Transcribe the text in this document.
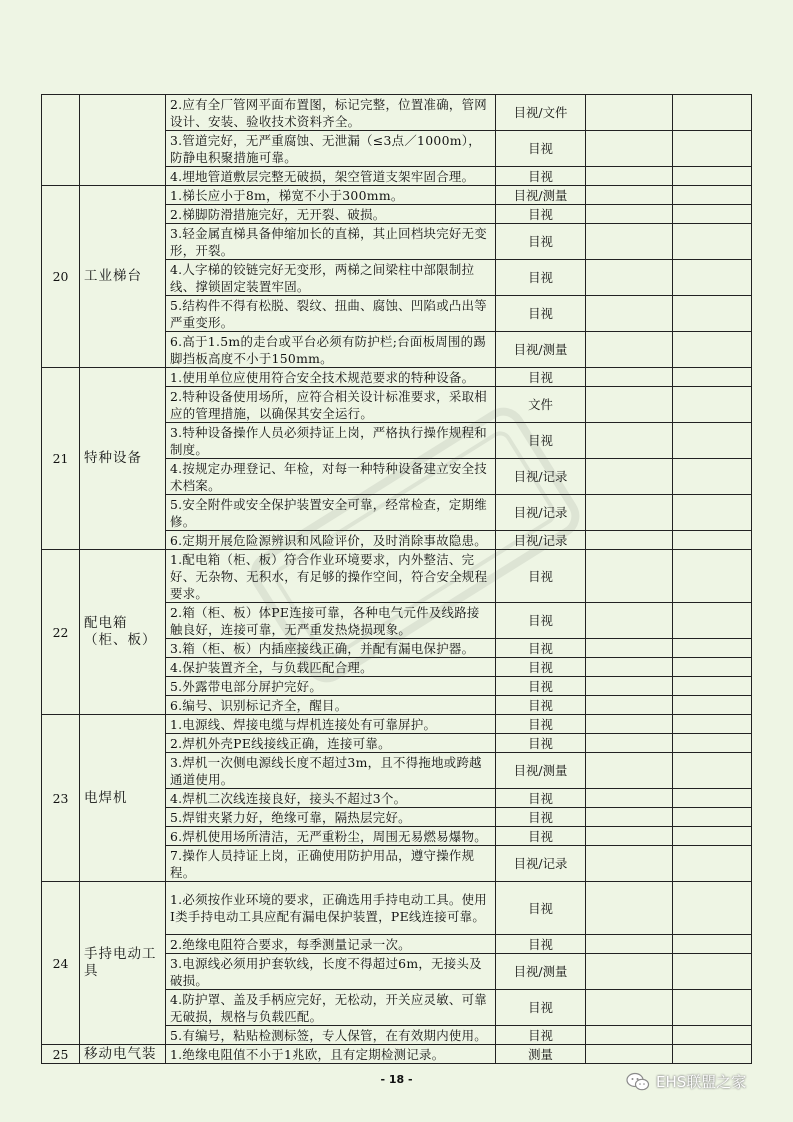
		2.应有全厂管网平面布置图，标记完整，位置准确，管网设计、安装、验收技术资料齐全。	目视/文件		
		3.管道完好，无严重腐蚀、无泄漏（≤3点／1000m），防静电积聚措施可靠。	目视		
		4.埋地管道敷层完整无破损，架空管道支架牢固合理。	目视		
20	工业梯台	1.梯长应小于8m，梯宽不小于300mm。	目视/测量		
		2.梯脚防滑措施完好，无开裂、破损。	目视		
		3.轻金属直梯具备伸缩加长的直梯，其止回档块完好无变形，开裂。	目视		
		4.人字梯的铰链完好无变形，两梯之间梁柱中部限制拉线、撑锁固定装置牢固。	目视		
		5.结构件不得有松脱、裂纹、扭曲、腐蚀、凹陷或凸出等严重变形。	目视		
		6.高于1.5m的走台或平台必须有防护栏;台面板周围的踢脚挡板高度不小于150mm。	目视/测量		
21	特种设备	1.使用单位应使用符合安全技术规范要求的特种设备。	目视		
		2.特种设备使用场所，应符合相关设计标准要求，采取相应的管理措施，以确保其安全运行。	文件		
		3.特种设备操作人员必须持证上岗，严格执行操作规程和制度。	目视		
		4.按规定办理登记、年检，对每一种特种设备建立安全技术档案。	目视/记录		
		5.安全附件或安全保护装置安全可靠，经常检查，定期维修。	目视/记录		
		6.定期开展危险源辨识和风险评价，及时消除事故隐患。	目视/记录		
22	配电箱（柜、板）	1.配电箱（柜、板）符合作业环境要求，内外整洁、完好、无杂物、无积水，有足够的操作空间，符合安全规程要求。	目视		
		2.箱（柜、板）体PE连接可靠，各种电气元件及线路接触良好，连接可靠，无严重发热烧损现象。	目视		
		3.箱（柜、板）内插座接线正确，并配有漏电保护器。	目视		
		4.保护装置齐全，与负载匹配合理。	目视		
		5.外露带电部分屏护完好。	目视		
		6.编号、识别标记齐全，醒目。	目视		
23	电焊机	1.电源线、焊接电缆与焊机连接处有可靠屏护。	目视		
		2.焊机外壳PE线接线正确，连接可靠。	目视		
		3.焊机一次侧电源线长度不超过3m，且不得拖地或跨越通道使用。	目视/测量		
		4.焊机二次线连接良好，接头不超过3个。	目视		
		5.焊钳夹紧力好，绝缘可靠，隔热层完好。	目视		
		6.焊机使用场所清洁，无严重粉尘，周围无易燃易爆物。	目视		
		7.操作人员持证上岗，正确使用防护用品，遵守操作规程。	目视/记录		
24	手持电动工具	1.必须按作业环境的要求，正确选用手持电动工具。使用Ⅰ类手持电动工具应配有漏电保护装置，PE线连接可靠。	目视		
		2.绝缘电阻符合要求，每季测量记录一次。	目视		
		3.电源线必须用护套软线，长度不得超过6m，无接头及破损。	目视/测量		
		4.防护罩、盖及手柄应完好，无松动，开关应灵敏、可靠无破损，规格与负载匹配。	目视		
		5.有编号，粘贴检测标签，专人保管，在有效期内使用。	目视		
25	移动电气装	1.绝缘电阻值不小于1兆欧，且有定期检测记录。	测量		
- 18 -	EHS联盟之家
